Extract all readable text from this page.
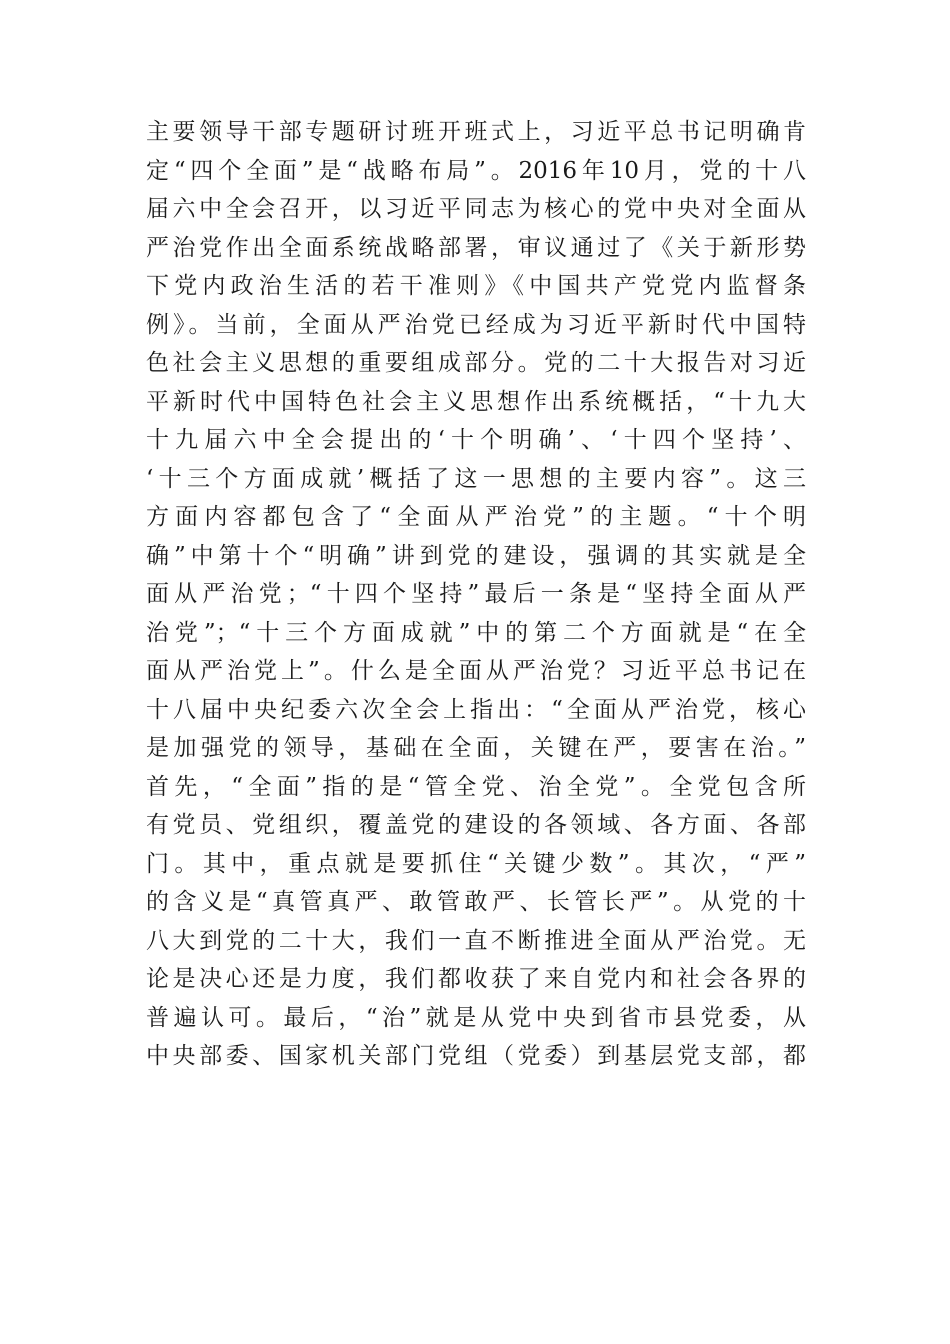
主要领导干部专题研讨班开班式上，习近平总书记明确肯
定“四个全面”是“战略布局”。2016年10月，党的十八
届六中全会召开，以习近平同志为核心的党中央对全面从
严治党作出全面系统战略部署，审议通过了《关于新形势
下党内政治生活的若干准则》《中国共产党党内监督条
例》。当前，全面从严治党已经成为习近平新时代中国特
色社会主义思想的重要组成部分。党的二十大报告对习近
平新时代中国特色社会主义思想作出系统概括，“十九大
十九届六中全会提出的‘十个明确’、‘十四个坚持’、
‘十三个方面成就’概括了这一思想的主要内容”。这三
方面内容都包含了“全面从严治党”的主题。“十个明
确”中第十个“明确”讲到党的建设，强调的其实就是全
面从严治党；“十四个坚持”最后一条是“坚持全面从严
治党”；“十三个方面成就”中的第二个方面就是“在全
面从严治党上”。什么是全面从严治党？习近平总书记在
十八届中央纪委六次全会上指出：“全面从严治党，核心
是加强党的领导，基础在全面，关键在严，要害在治。”
首先，“全面”指的是“管全党、治全党”。全党包含所
有党员、党组织，覆盖党的建设的各领域、各方面、各部
门。其中，重点就是要抓住“关键少数”。其次，“严”
的含义是“真管真严、敢管敢严、长管长严”。从党的十
八大到党的二十大，我们一直不断推进全面从严治党。无
论是决心还是力度，我们都收获了来自党内和社会各界的
普遍认可。最后，“治”就是从党中央到省市县党委，从
中央部委、国家机关部门党组（党委）到基层党支部，都
